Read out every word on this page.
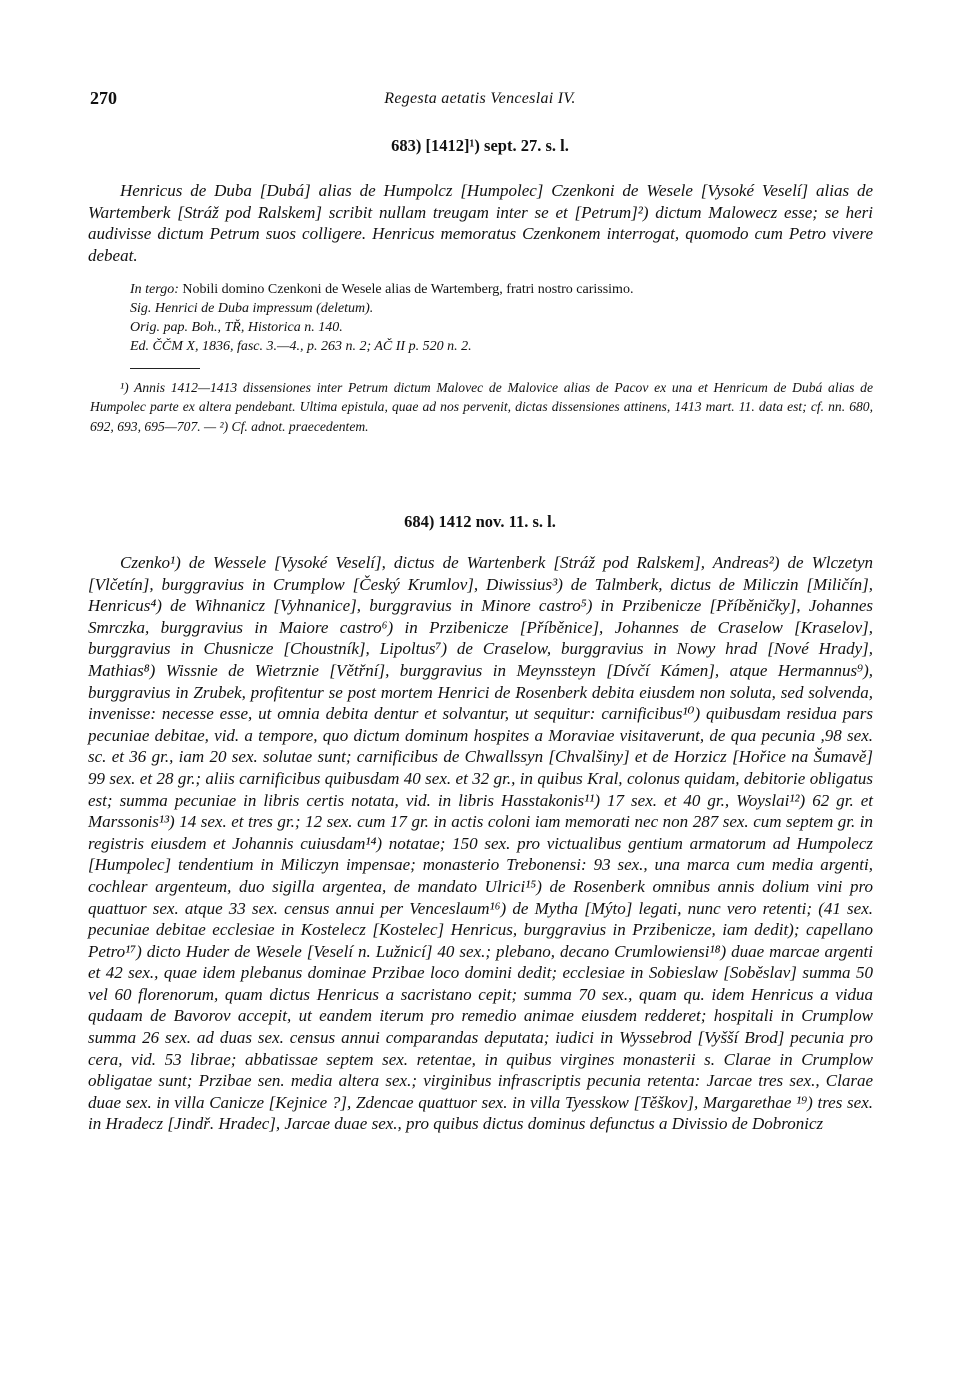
270	Regesta aetatis Venceslai IV.
683) [1412]¹) sept. 27. s. l.

Henricus de Duba [Dubá] alias de Humpolcz [Humpolec] Czenkoni de Wesele [Vysoké Veselí] alias de Wartemberk [Stráž pod Ralskem] scribit nullam treugam inter se et [Petrum]²) dictum Malowecz esse; se heri audivisse dictum Petrum suos colligere. Henricus memoratus Czenkonem interrogat, quomodo cum Petro vivere debeat.

In tergo: Nobili domino Czenkoni de Wesele alias de Wartemberg, fratri nostro carissimo.
Sig. Henrici de Duba impressum (deletum).
Orig. pap. Boh., TŘ, Historica n. 140.
Ed. ČČM X, 1836, fasc. 3.—4., p. 263 n. 2; AČ II p. 520 n. 2.
¹) Annis 1412—1413 dissensiones inter Petrum dictum Malovec de Malovice alias de Pacov ex una et Henricum de Dubá alias de Humpolec parte ex altera pendebant. Ultima epistula, quae ad nos pervenit, dictas dissensiones attinens, 1413 mart. 11. data est; cf. nn. 680, 692, 693, 695—707. — ²) Cf. adnot. praecedentem.
684) 1412 nov. 11. s. l.

Czenko¹) de Wessele [Vysoké Veselí], dictus de Wartenberk [Stráž pod Ralskem], Andreas²) de Wlczetyn [Vlčetín], burggravius in Crumplow [Český Krumlov], Diwissius³) de Talmberk, dictus de Miliczin [Miličín], Henricus⁴) de Wihnanicz [Vyhnanice], burggravius in Minore castro⁵) in Przibenicze [Příběničky], Johannes Smrczka, burggravius in Maiore castro⁶) in Przibenicze [Příběnice], Johannes de Craselow [Kraselov], burggravius in Chusnicze [Choustník], Lipoltus⁷) de Craselow, burggravius in Nowy hrad [Nové Hrady], Mathias⁸) Wissnie de Wietrznie [Větřní], burggravius in Meynssteyn [Dívčí Kámen], atque Hermannus⁹), burggravius in Zrubek, profitentur se post mortem Henrici de Rosenberk debita eiusdem non soluta, sed solvenda, invenisse: necesse esse, ut omnia debita dentur et solvantur, ut sequitur: carnificibus¹⁰) quibusdam residua pars pecuniae debitae, vid. a tempore, quo dictum dominum hospites a Moraviae visitaverunt, de qua pecunia ,98 sex. sc. et 36 gr., iam 20 sex. solutae sunt; carnificibus de Chwallssyn [Chvalšiny] et de Horzicz [Hořice na Šumavě] 99 sex. et 28 gr.; aliis carnificibus quibusdam 40 sex. et 32 gr., in quibus Kral, colonus quidam, debitorie obligatus est; summa pecuniae in libris certis notata, vid. in libris Hasstakonis¹¹) 17 sex. et 40 gr., Woyslai¹²) 62 gr. et Marssonis¹³) 14 sex. et tres gr.; 12 sex. cum 17 gr. in actis coloni iam memorati nec non 287 sex. cum septem gr. in registris eiusdem et Johannis cuiusdam¹⁴) notatae; 150 sex. pro victualibus gentium armatorum ad Humpolecz [Humpolec] tendentium in Miliczyn impensae; monasterio Trebonensi: 93 sex., una marca cum media argenti, cochlear argenteum, duo sigilla argentea, de mandato Ulrici¹⁵) de Rosenberk omnibus annis dolium vini pro quattuor sex. atque 33 sex. census annui per Venceslaum¹⁶) de Mytha [Mýto] legati, nunc vero retenti; (41 sex. pecuniae debitae ecclesiae in Kostelecz [Kostelec] Henricus, burggravius in Przibenicze, iam dedit); capellano Petro¹⁷) dicto Huder de Wesele [Veselí n. Lužnicí] 40 sex.; plebano, decano Crumlowiensi¹⁸) duae marcae argenti et 42 sex., quae idem plebanus dominae Przibae loco domini dedit; ecclesiae in Sobieslaw [Soběslav] summa 50 vel 60 florenorum, quam dictus Henricus a sacristano cepit; summa 70 sex., quam qu. idem Henricus a vidua qudaam de Bavorov accepit, ut eandem iterum pro remedio animae eiusdem redderet; hospitali in Crumplow summa 26 sex. ad duas sex. census annui comparandas deputata; iudici in Wyssebrod [Vyšší Brod] pecunia pro cera, vid. 53 librae; abbatissae septem sex. retentae, in quibus virgines monasterii s. Clarae in Crumplow obligatae sunt; Przibae sen. media altera sex.; virginibus infrascriptis pecunia retenta: Jarcae tres sex., Clarae duae sex. in villa Canicze [Kejnice ?], Zdencae quattuor sex. in villa Tyesskow [Těškov], Margarethae ¹⁹) tres sex. in Hradecz [Jindř. Hradec], Jarcae duae sex., pro quibus dictus dominus defunctus a Divissio de Dobronicz
